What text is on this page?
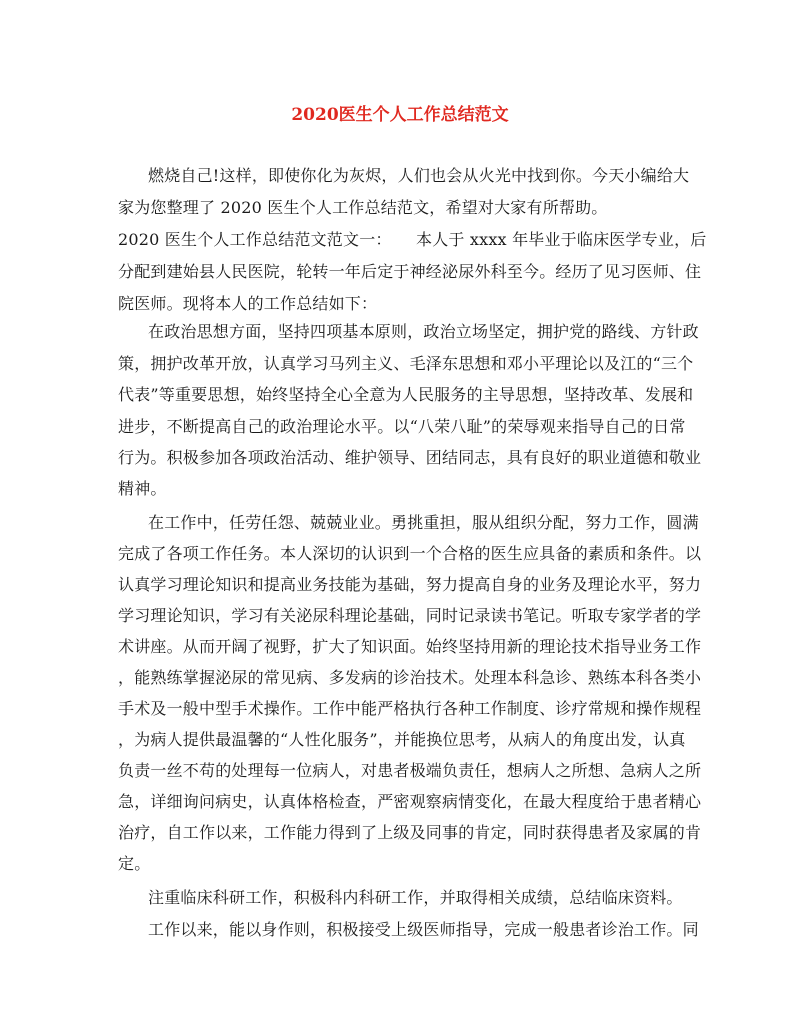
2020医生个人工作总结范文
燃烧自己!这样，即使你化为灰烬，人们也会从火光中找到你。今天小编给大
家为您整理了 2020 医生个人工作总结范文，希望对大家有所帮助。
2020 医生个人工作总结范文范文一：　　本人于 xxxx 年毕业于临床医学专业，后
分配到建始县人民医院，轮转一年后定于神经泌尿外科至今。经历了见习医师、住
院医师。现将本人的工作总结如下：
在政治思想方面，坚持四项基本原则，政治立场坚定，拥护党的路线、方针政
策，拥护改革开放，认真学习马列主义、毛泽东思想和邓小平理论以及江的“三个
代表”等重要思想，始终坚持全心全意为人民服务的主导思想，坚持改革、发展和
进步，不断提高自己的政治理论水平。以“八荣八耻”的荣辱观来指导自己的日常
行为。积极参加各项政治活动、维护领导、团结同志，具有良好的职业道德和敬业
精神。
在工作中，任劳任怨、兢兢业业。勇挑重担，服从组织分配，努力工作，圆满
完成了各项工作任务。本人深切的认识到一个合格的医生应具备的素质和条件。以
认真学习理论知识和提高业务技能为基础，努力提高自身的业务及理论水平，努力
学习理论知识，学习有关泌尿科理论基础，同时记录读书笔记。听取专家学者的学
术讲座。从而开阔了视野，扩大了知识面。始终坚持用新的理论技术指导业务工作
，能熟练掌握泌尿的常见病、多发病的诊治技术。处理本科急诊、熟练本科各类小
手术及一般中型手术操作。工作中能严格执行各种工作制度、诊疗常规和操作规程
，为病人提供最温馨的“人性化服务”，并能换位思考，从病人的角度出发，认真
负责一丝不苟的处理每一位病人，对患者极端负责任，想病人之所想、急病人之所
急，详细询问病史，认真体格检查，严密观察病情变化，在最大程度给于患者精心
治疗，自工作以来，工作能力得到了上级及同事的肯定，同时获得患者及家属的肯
定。
注重临床科研工作，积极科内科研工作，并取得相关成绩，总结临床资料。
工作以来，能以身作则，积极接受上级医师指导，完成一般患者诊治工作。同
